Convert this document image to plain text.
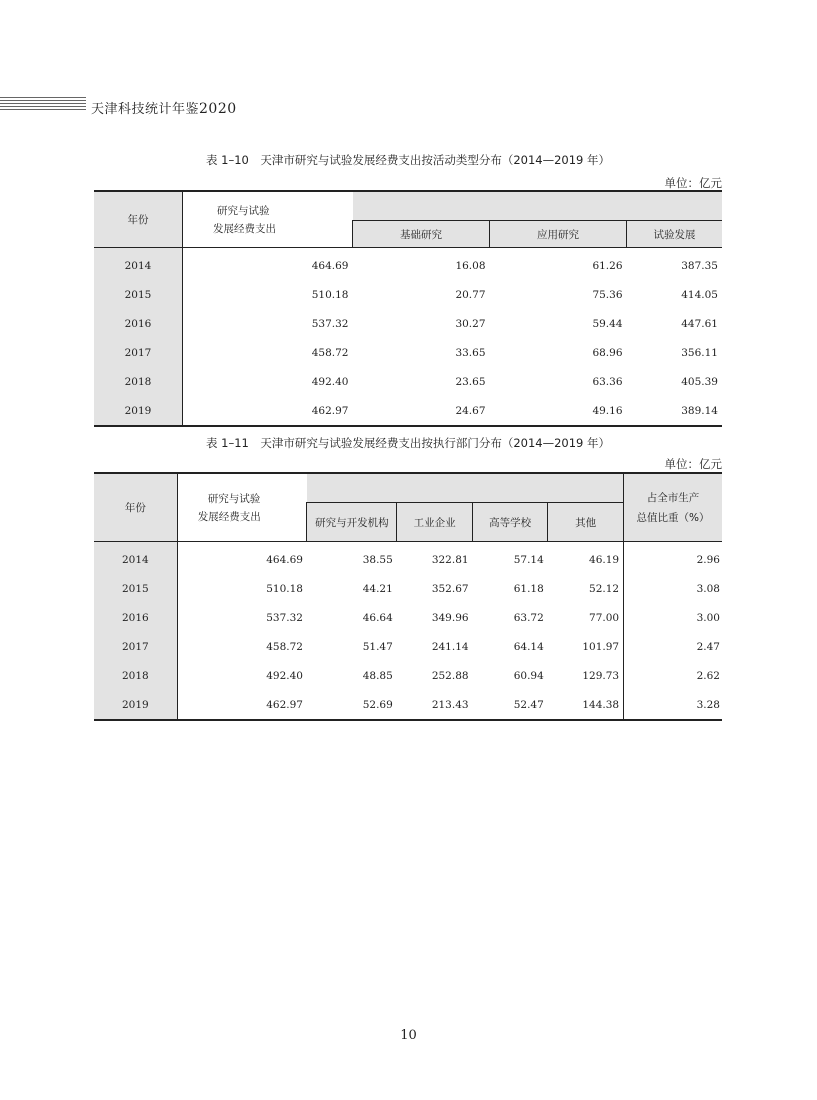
天津科技统计年鉴2020
表 1–10　天津市研究与试验发展经费支出按活动类型分布（2014—2019 年）
单位：亿元
年份	研究与试验
发展经费支出			
		基础研究	应用研究	试验发展
2014	464.69	16.08	61.26	387.35
2015	510.18	20.77	75.36	414.05
2016	537.32	30.27	59.44	447.61
2017	458.72	33.65	68.96	356.11
2018	492.40	23.65	63.36	405.39
2019	462.97	24.67	49.16	389.14
表 1–11　天津市研究与试验发展经费支出按执行部门分布（2014—2019 年）
单位：亿元
年份	研究与试验
发展经费支出					占全市生产
总值比重（%）
		研究与开发机构	工业企业	高等学校	其他	
2014	464.69	38.55	322.81	57.14	46.19	2.96
2015	510.18	44.21	352.67	61.18	52.12	3.08
2016	537.32	46.64	349.96	63.72	77.00	3.00
2017	458.72	51.47	241.14	64.14	101.97	2.47
2018	492.40	48.85	252.88	60.94	129.73	2.62
2019	462.97	52.69	213.43	52.47	144.38	3.28
10
